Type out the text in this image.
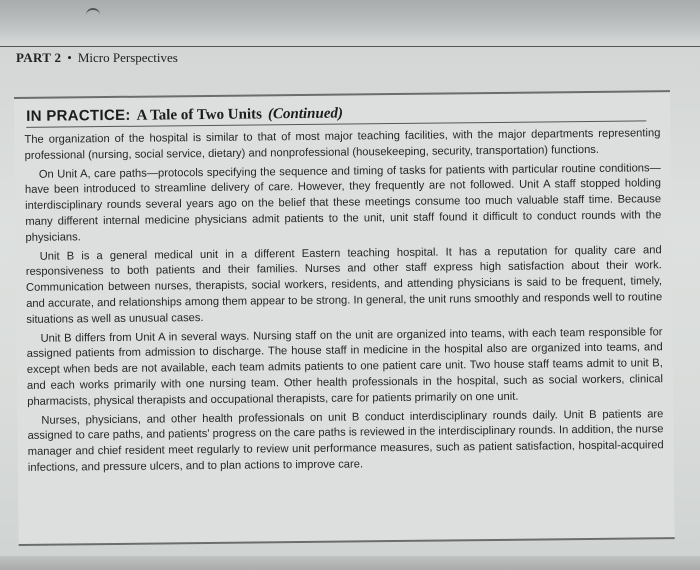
PART 2 • Micro Perspectives
IN PRACTICE: A Tale of Two Units (Continued)

The organization of the hospital is similar to that of most major teaching facilities, with the major departments representing professional (nursing, social service, dietary) and nonprofessional (housekeeping, security, transportation) functions.

On Unit A, care paths—protocols specifying the sequence and timing of tasks for patients with particular routine conditions—have been introduced to streamline delivery of care. However, they frequently are not followed. Unit A staff stopped holding interdisciplinary rounds several years ago on the belief that these meetings consume too much valuable staff time. Because many different internal medicine physicians admit patients to the unit, unit staff found it difficult to conduct rounds with the physicians.

Unit B is a general medical unit in a different Eastern teaching hospital. It has a reputation for quality care and responsiveness to both patients and their families. Nurses and other staff express high satisfaction about their work. Communication between nurses, therapists, social workers, residents, and attending physicians is said to be frequent, timely, and accurate, and relationships among them appear to be strong. In general, the unit runs smoothly and responds well to routine situations as well as unusual cases.

Unit B differs from Unit A in several ways. Nursing staff on the unit are organized into teams, with each team responsible for assigned patients from admission to discharge. The house staff in medicine in the hospital also are organized into teams, and except when beds are not available, each team admits patients to one patient care unit. Two house staff teams admit to unit B, and each works primarily with one nursing team. Other health professionals in the hospital, such as social workers, clinical pharmacists, physical therapists and occupational therapists, care for patients primarily on one unit.

Nurses, physicians, and other health professionals on unit B conduct interdisciplinary rounds daily. Unit B patients are assigned to care paths, and patients' progress on the care paths is reviewed in the interdisciplinary rounds. In addition, the nurse manager and chief resident meet regularly to review unit performance measures, such as patient satisfaction, hospital-acquired infections, and pressure ulcers, and to plan actions to improve care.
